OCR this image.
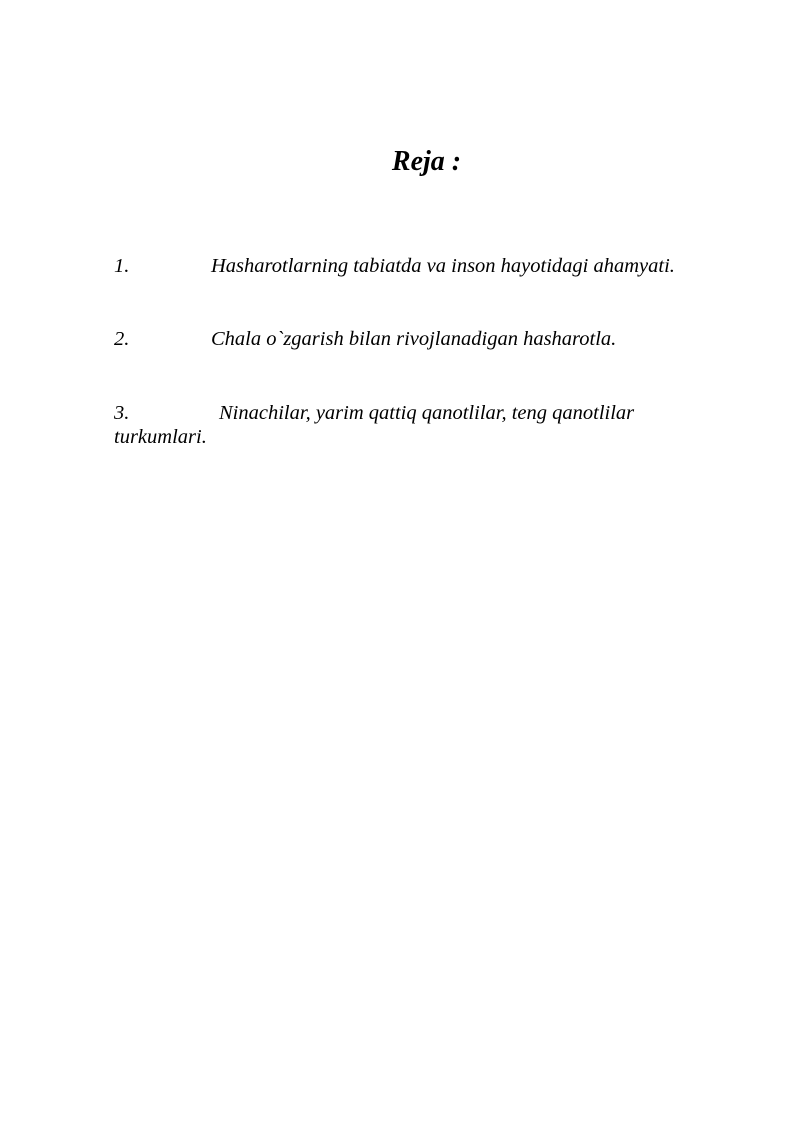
Reja :
1.	Hasharotlarning tabiatda va inson hayotidagi ahamyati.
2.	Chala o`zgarish bilan rivojlanadigan hasharotla.
3.	Ninachilar, yarim qattiq qanotlilar, teng qanotlilar turkumlari.
